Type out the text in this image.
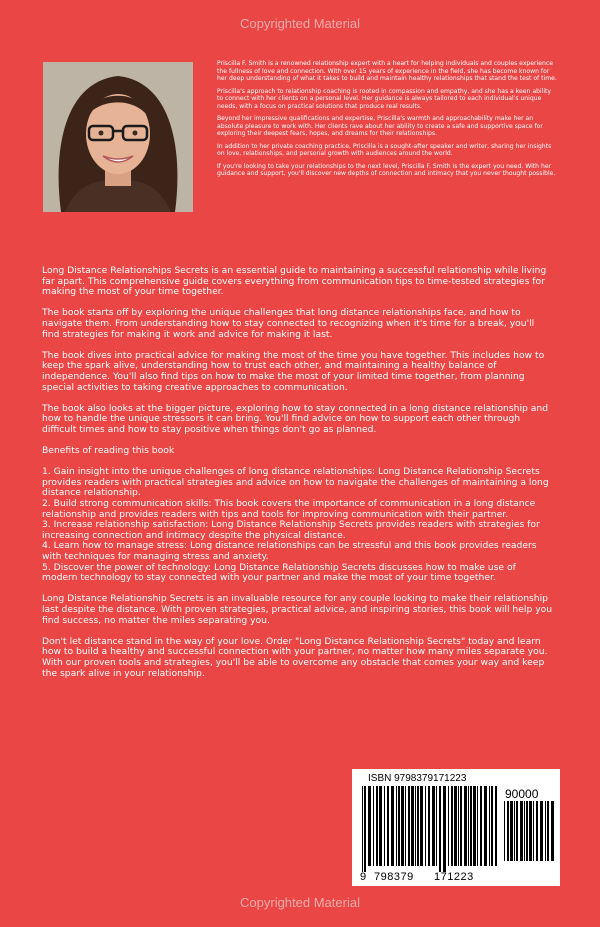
Copyrighted Material

Priscilla F. Smith is a renowned relationship expert with a heart for helping individuals and couples experience the fullness of love and connection. With over 15 years of experience in the field, she has become known for her deep understanding of what it takes to build and maintain healthy relationships that stand the test of time.

Priscilla's approach to relationship coaching is rooted in compassion and empathy, and she has a keen ability to connect with her clients on a personal level. Her guidance is always tailored to each individual's unique needs, with a focus on practical solutions that produce real results.

Beyond her impressive qualifications and expertise, Priscilla's warmth and approachability make her an absolute pleasure to work with. Her clients rave about her ability to create a safe and supportive space for exploring their deepest fears, hopes, and dreams for their relationships.

In addition to her private coaching practice, Priscilla is a sought-after speaker and writer, sharing her insights on love, relationships, and personal growth with audiences around the world.

If you're looking to take your relationships to the next level, Priscilla F. Smith is the expert you need. With her guidance and support, you'll discover new depths of connection and intimacy that you never thought possible.

Long Distance Relationships Secrets is an essential guide to maintaining a successful relationship while living far apart. This comprehensive guide covers everything from communication tips to time-tested strategies for making the most of your time together.

The book starts off by exploring the unique challenges that long distance relationships face, and how to navigate them. From understanding how to stay connected to recognizing when it's time for a break, you'll find strategies for making it work and advice for making it last.

The book dives into practical advice for making the most of the time you have together. This includes how to keep the spark alive, understanding how to trust each other, and maintaining a healthy balance of independence. You'll also find tips on how to make the most of your limited time together, from planning
special activities to taking creative approaches to communication.

The book also looks at the bigger picture, exploring how to stay connected in a long distance relationship and how to handle the unique stressors it can bring. You'll find advice on how to support each other through difficult times and how to stay positive when things don't go as planned.

Benefits of reading this book

1. Gain insight into the unique challenges of long distance relationships: Long Distance Relationship Secrets provides readers with practical strategies and advice on how to navigate the challenges of maintaining a long distance relationship.
2. Build strong communication skills: This book covers the importance of communication in a long distance relationship and provides readers with tips and tools for improving communication with their partner.
3. Increase relationship satisfaction: Long Distance Relationship Secrets provides readers with strategies for increasing connection and intimacy despite the physical distance.
4. Learn how to manage stress: Long distance relationships can be stressful and this book provides readers with techniques for managing stress and anxiety.
5. Discover the power of technology: Long Distance Relationship Secrets discusses how to make use of modern technology to stay connected with your partner and make the most of your time together.

Long Distance Relationship Secrets is an invaluable resource for any couple looking to make their relationship last despite the distance. With proven strategies, practical advice, and inspiring stories, this book will help you find success, no matter the miles separating you.

Don't let distance stand in the way of your love. Order "Long Distance Relationship Secrets" today and learn how to build a healthy and successful connection with your partner, no matter how many miles separate you. With our proven tools and strategies, you'll be able to overcome any obstacle that comes your way and keep the spark alive in your relationship.

ISBN 9798379171223
90000
9 798379 171223
Copyrighted Material
